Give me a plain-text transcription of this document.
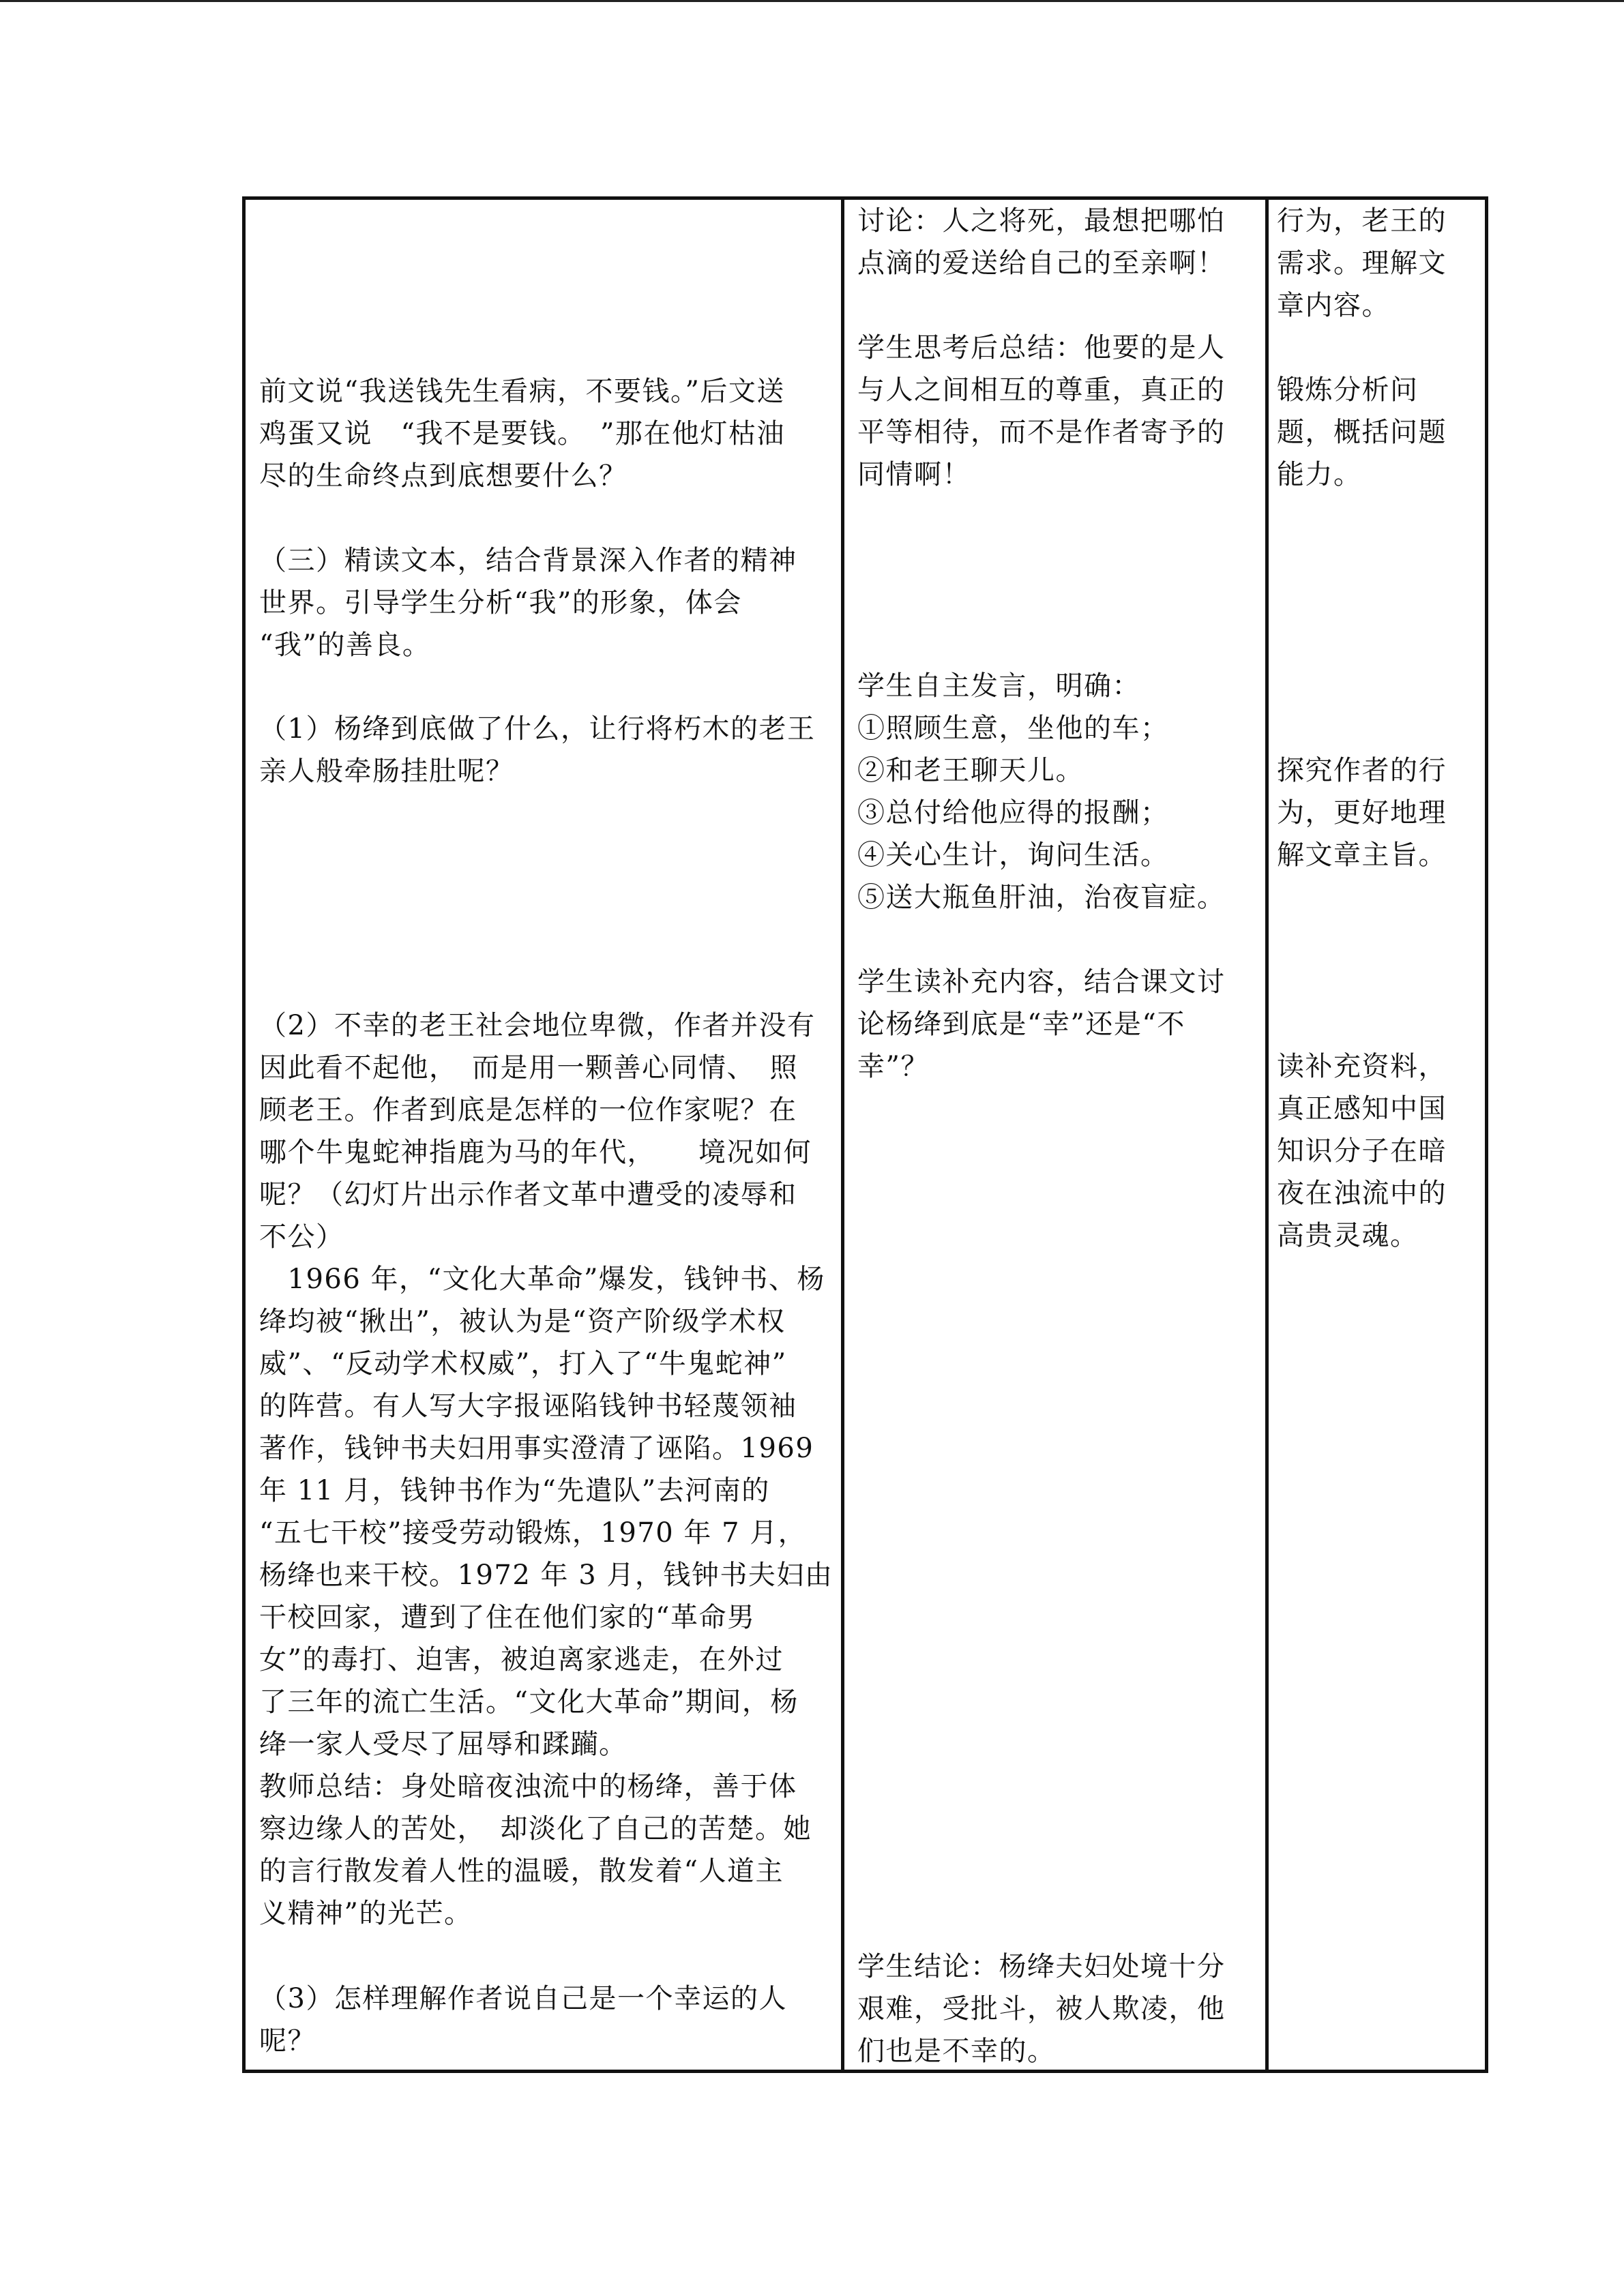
前文说“我送钱先生看病，不要钱。”后文送
鸡蛋又说　“我不是要钱。　”那在他灯枯油
尽的生命终点到底想要什么？
（三）精读文本，结合背景深入作者的精神
世界。引导学生分析“我”的形象，体会
“我”的善良。
（1）杨绛到底做了什么，让行将朽木的老王
亲人般牵肠挂肚呢？
（2）不幸的老王社会地位卑微，作者并没有
因此看不起他，　而是用一颗善心同情、　照
顾老王。作者到底是怎样的一位作家呢？在
哪个牛鬼蛇神指鹿为马的年代，　　境况如何
呢？（幻灯片出示作者文革中遭受的凌辱和
不公）
　1966 年，“文化大革命”爆发，钱钟书、杨
绛均被“揪出”，被认为是“资产阶级学术权
威”、“反动学术权威”，打入了“牛鬼蛇神”
的阵营。有人写大字报诬陷钱钟书轻蔑领袖
著作，钱钟书夫妇用事实澄清了诬陷。1969
年 11 月，钱钟书作为“先遣队”去河南的
“五七干校”接受劳动锻炼，1970 年 7 月，
杨绛也来干校。1972 年 3 月，钱钟书夫妇由
干校回家，遭到了住在他们家的“革命男
女”的毒打、迫害，被迫离家逃走，在外过
了三年的流亡生活。“文化大革命”期间，杨
绛一家人受尽了屈辱和蹂躏。
教师总结：身处暗夜浊流中的杨绛，善于体
察边缘人的苦处，　却淡化了自己的苦楚。她
的言行散发着人性的温暖，散发着“人道主
义精神”的光芒。
（3）怎样理解作者说自己是一个幸运的人
呢？
讨论：人之将死，最想把哪怕
点滴的爱送给自己的至亲啊！
学生思考后总结：他要的是人
与人之间相互的尊重，真正的
平等相待，而不是作者寄予的
同情啊！
学生自主发言，明确：
①照顾生意，坐他的车；
②和老王聊天儿。
③总付给他应得的报酬；
④关心生计，询问生活。
⑤送大瓶鱼肝油，治夜盲症。
学生读补充内容，结合课文讨
论杨绛到底是“幸”还是“不
幸”？
学生结论：杨绛夫妇处境十分
艰难，受批斗，被人欺凌，他
们也是不幸的。
行为，老王的
需求。理解文
章内容。
锻炼分析问
题，概括问题
能力。
探究作者的行
为，更好地理
解文章主旨。
读补充资料，
真正感知中国
知识分子在暗
夜在浊流中的
高贵灵魂。
